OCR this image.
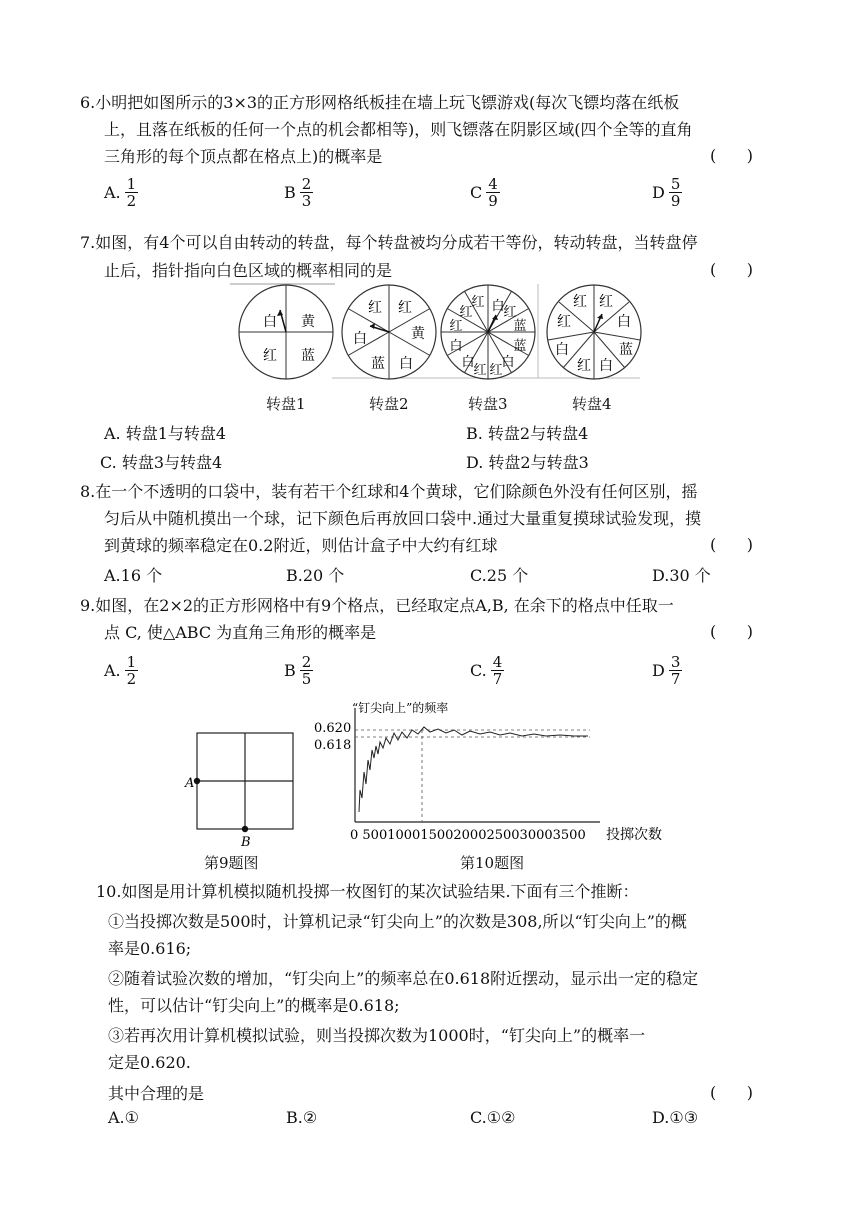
6.小明把如图所示的3×3的正方形网格纸板挂在墙上玩飞镖游戏(每次飞镖均落在纸板
上，且落在纸板的任何一个点的机会都相等)，则飞镖落在阴影区域(四个全等的直角
三角形的每个顶点都在格点上)的概率是	(      )
A. $\frac{1}{2}$	B $\frac{2}{3}$	C $\frac{4}{9}$	D $\frac{5}{9}$
7.如图，有4个可以自由转动的转盘，每个转盘被均分成若干等份，转动转盘，当转盘停
止后，指针指向白色区域的概率相同的是	(      )
白 黄
红 蓝
红 红
黄
白
蓝 白
红 白
蓝
蓝
红
白
红 红
白 白
红 红
红 红
白
白	蓝
红
红 白
转盘1	转盘2	转盘3	转盘4
A. 转盘1与转盘4	B. 转盘2与转盘4
C. 转盘3与转盘4	D. 转盘2与转盘3
8.在一个不透明的口袋中，装有若干个红球和4个黄球，它们除颜色外没有任何区别，摇
匀后从中随机摸出一个球，记下颜色后再放回口袋中.通过大量重复摸球试验发现，摸
到黄球的频率稳定在0.2附近，则估计盒子中大约有红球	(      )
A.16 个	B.20 个	C.25 个	D.30 个
9.如图，在2×2的正方形网格中有9个格点，已经取定点A,B, 在余下的格点中任取一
点 C, 使△ABC 为直角三角形的概率是	(      )
A. $\frac{1}{2}$	B $\frac{2}{5}$	C. $\frac{4}{7}$	D $\frac{3}{7}$
A
B
第9题图
“钉尖向上”的频率
0.620
0.618
0 500100015002000250030003500 投掷次数
第10题图
10.如图是用计算机模拟随机投掷一枚图钉的某次试验结果.下面有三个推断：
①当投掷次数是500时，计算机记录“钉尖向上”的次数是308,所以“钉尖向上”的概
率是0.616;
②随着试验次数的增加，“钉尖向上”的频率总在0.618附近摆动，显示出一定的稳定
性，可以估计“钉尖向上”的概率是0.618;
③若再次用计算机模拟试验，则当投掷次数为1000时，“钉尖向上”的概率一
定是0.620.
其中合理的是	(      )
A.①	B.②	C.①②	D.①③
